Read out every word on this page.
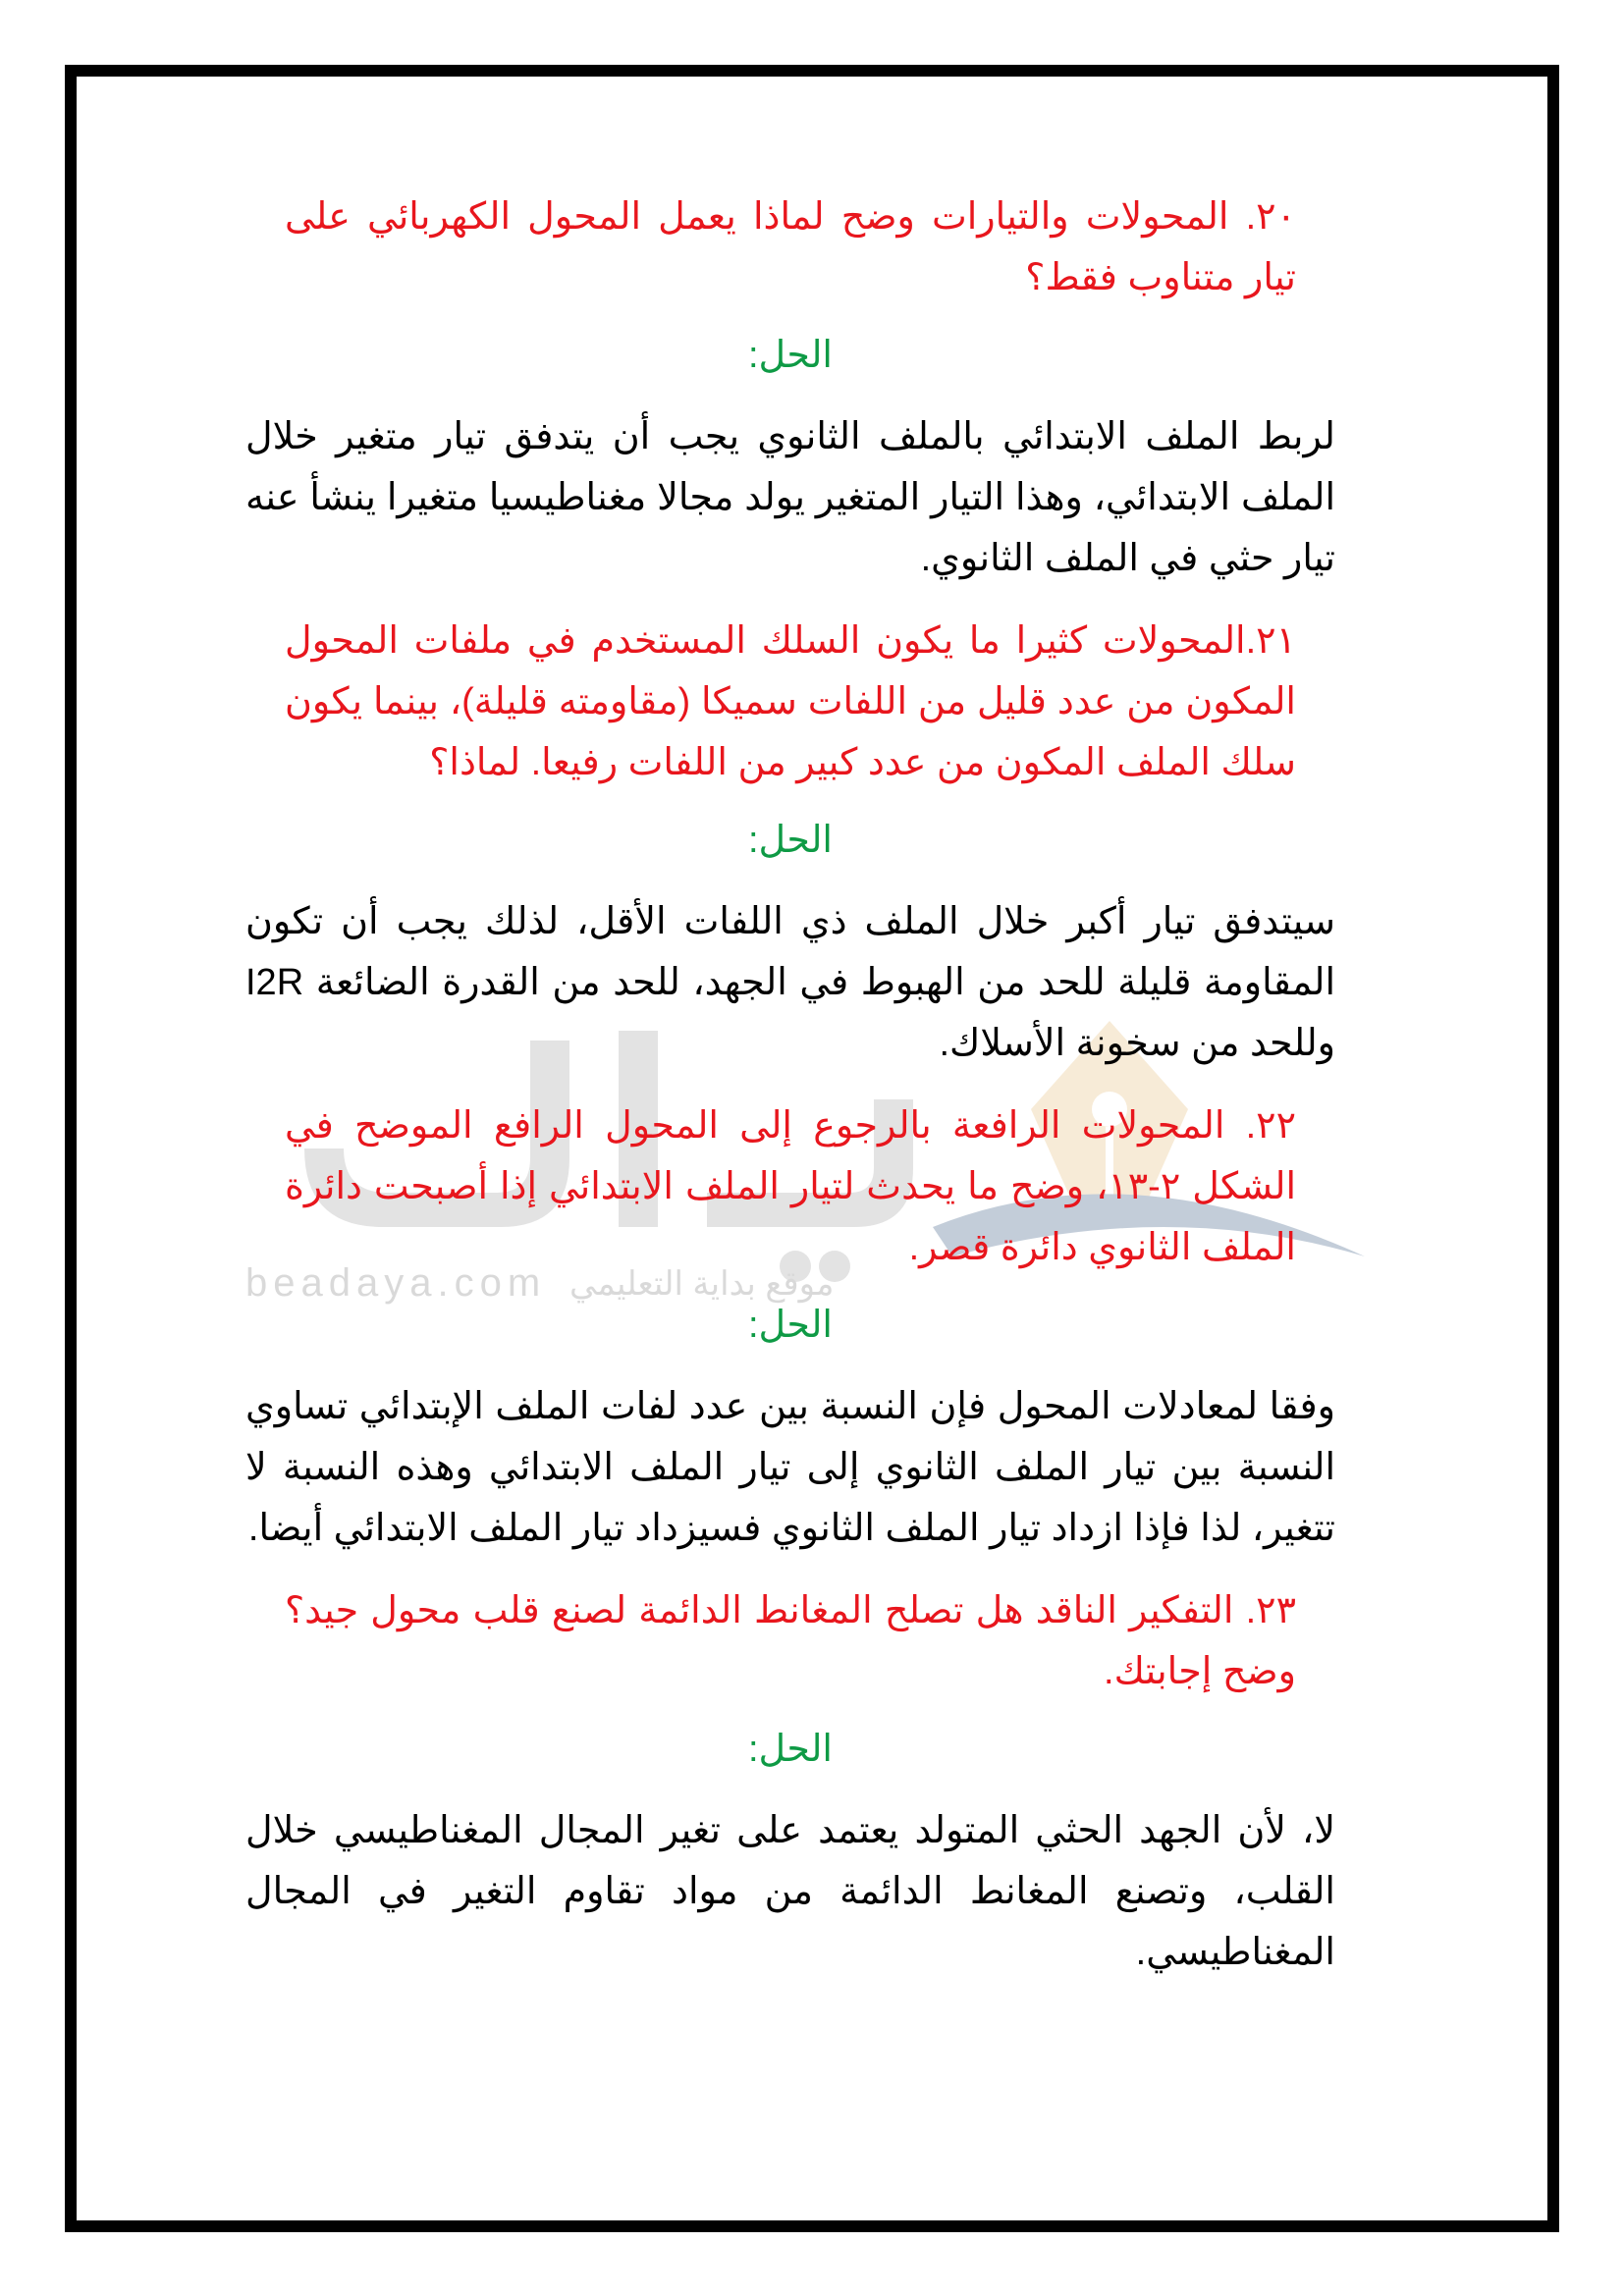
beadaya.com موقع بداية التعليمي

٢٠. المحولات والتيارات وضح لماذا يعمل المحول الكهربائي على تيار متناوب فقط؟

الحل:

لربط الملف الابتدائي بالملف الثانوي يجب أن يتدفق تيار متغير خلال الملف الابتدائي، وهذا التيار المتغير يولد مجالا مغناطيسيا متغيرا ينشأ عنه تيار حثي في الملف الثانوي.

٢١.المحولات كثيرا ما يكون السلك المستخدم في ملفات المحول المكون من عدد قليل من اللفات سميكا (مقاومته قليلة)، بينما يكون سلك الملف المكون من عدد كبير من اللفات رفيعا. لماذا؟

الحل:

سيتدفق تيار أكبر خلال الملف ذي اللفات الأقل، لذلك يجب أن تكون المقاومة قليلة للحد من الهبوط في الجهد، للحد من القدرة الضائعة I2R وللحد من سخونة الأسلاك.

٢٢. المحولات الرافعة بالرجوع إلى المحول الرافع الموضح في الشكل ٢-١٣، وضح ما يحدث لتيار الملف الابتدائي إذا أصبحت دائرة الملف الثانوي دائرة قصر.

الحل:

وفقا لمعادلات المحول فإن النسبة بين عدد لفات الملف الإبتدائي تساوي النسبة بين تيار الملف الثانوي إلى تيار الملف الابتدائي وهذه النسبة لا تتغير، لذا فإذا ازداد تيار الملف الثانوي فسيزداد تيار الملف الابتدائي أيضا.

٢٣. التفكير الناقد هل تصلح المغانط الدائمة لصنع قلب محول جيد؟ وضح إجابتك.

الحل:

لا، لأن الجهد الحثي المتولد يعتمد على تغير المجال المغناطيسي خلال القلب، وتصنع المغانط الدائمة من مواد تقاوم التغير في المجال المغناطيسي.
